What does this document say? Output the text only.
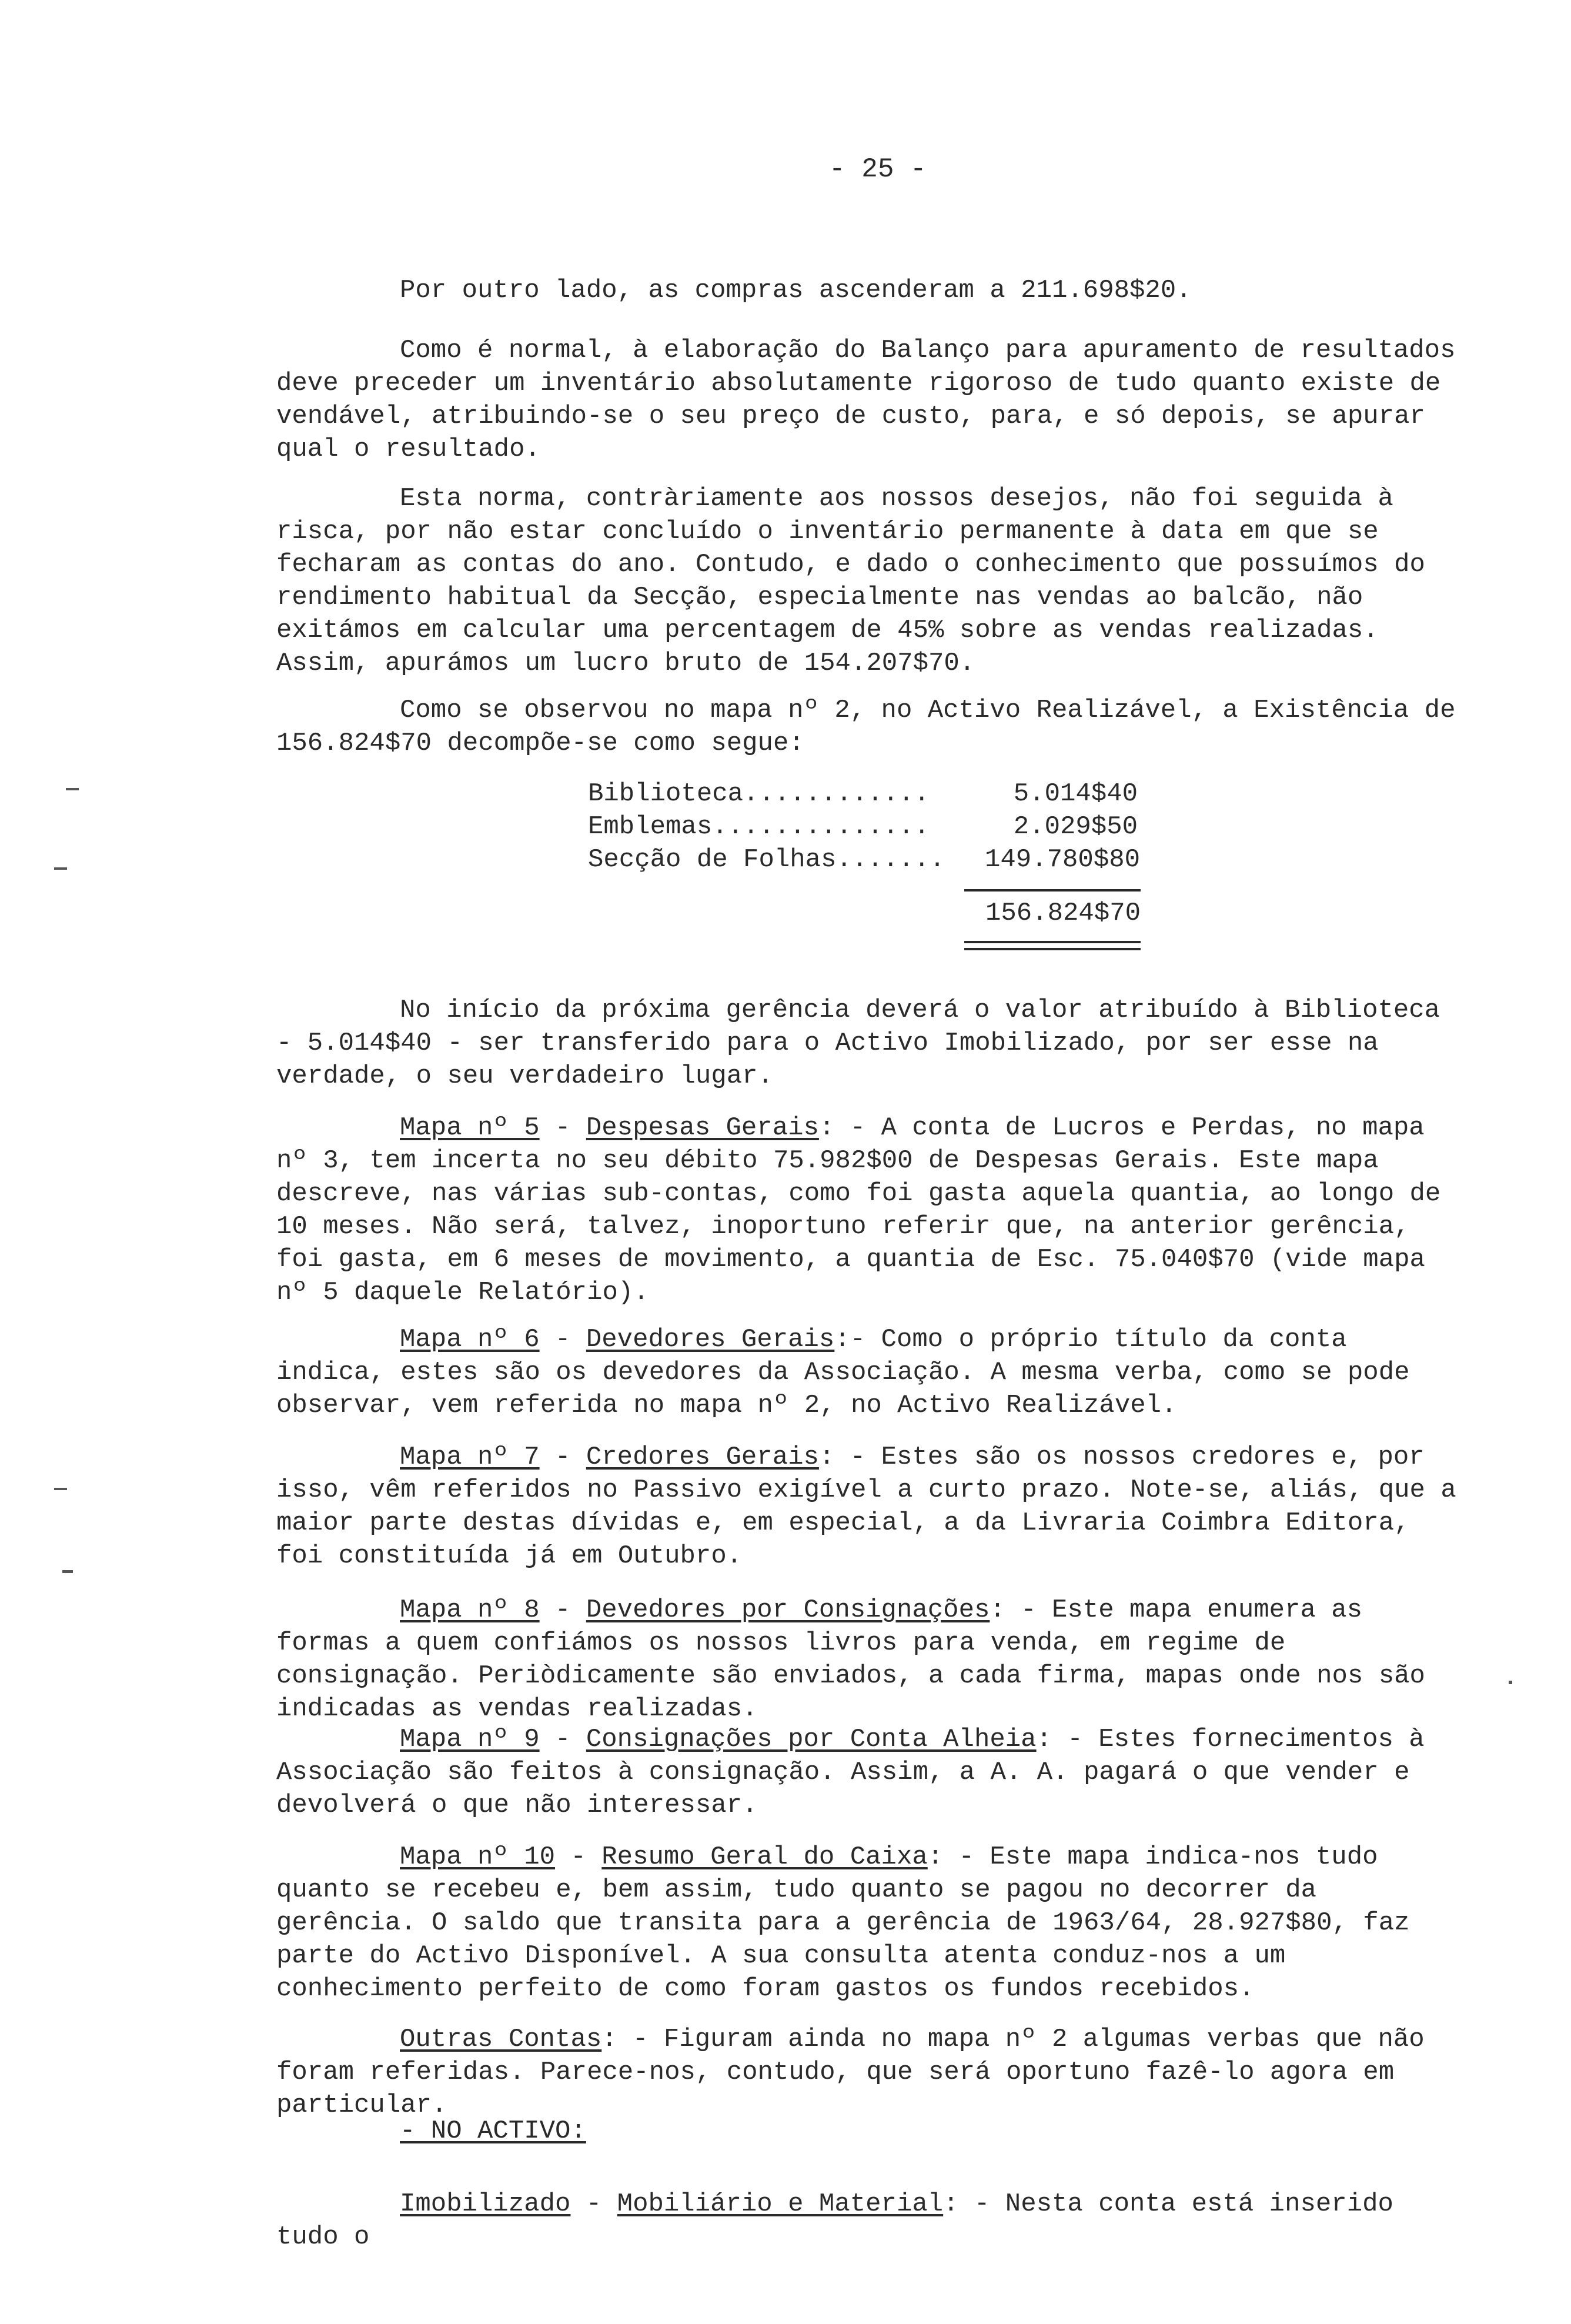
- 25 -
Por outro lado, as compras ascenderam a 211.698$20.
Como é normal, à elaboração do Balanço para apuramento de resultados deve preceder um inventário absolutamente rigoroso de tudo quanto existe de vendável, atribuindo-se o seu preço de custo, para, e só depois, se apurar qual o resultado.
Esta norma, contràriamente aos nossos desejos, não foi seguida à risca, por não estar concluído o inventário permanente à data em que se fecharam as contas do ano. Contudo, e dado o conhecimento que possuímos do rendimento habitual da Secção, especialmente nas vendas ao balcão, não exitámos em calcular uma percentagem de 45% sobre as vendas realizadas. Assim, apurámos um lucro bruto de 154.207$70.
Como se observou no mapa nº 2, no Activo Realizável, a Existência de 156.824$70 decompõe-se como segue:
Biblioteca............	5.014$40
Emblemas..............	2.029$50
Secção de Folhas....... 149.780$80
156.824$70
No início da próxima gerência deverá o valor atribuído à Biblioteca - 5.014$40 - ser transferido para o Activo Imobilizado, por ser esse na verdade, o seu verdadeiro lugar.
Mapa nº 5 - Despesas Gerais: - A conta de Lucros e Perdas, no mapa nº 3, tem incerta no seu débito 75.982$00 de Despesas Gerais. Este mapa descreve, nas várias sub-contas, como foi gasta aquela quantia, ao longo de 10 meses. Não será, talvez, inoportuno referir que, na anterior gerência, foi gasta, em 6 meses de movimento, a quantia de Esc. 75.040$70 (vide mapa nº 5 daquele Relatório).
Mapa nº 6 - Devedores Gerais:- Como o próprio título da conta indica, estes são os devedores da Associação. A mesma verba, como se pode observar, vem referida no mapa nº 2, no Activo Realizável.
Mapa nº 7 - Credores Gerais: - Estes são os nossos credores e, por isso, vêm referidos no Passivo exigível a curto prazo. Note-se, aliás, que a maior parte destas dívidas e, em especial, a da Livraria Coimbra Editora, foi constituída já em Outubro.
Mapa nº 8 - Devedores por Consignações: - Este mapa enumera as formas a quem confiámos os nossos livros para venda, em regime de consignação. Periòdicamente são enviados, a cada firma, mapas onde nos são indicadas as vendas realizadas.
Mapa nº 9 - Consignações por Conta Alheia: - Estes fornecimentos à Associação são feitos à consignação. Assim, a A. A. pagará o que vender e devolverá o que não interessar.
Mapa nº 10 - Resumo Geral do Caixa: - Este mapa indica-nos tudo quanto se recebeu e, bem assim, tudo quanto se pagou no decorrer da gerência. O saldo que transita para a gerência de 1963/64, 28.927$80, faz parte do Activo Disponível. A sua consulta atenta conduz-nos a um conhecimento perfeito de como foram gastos os fundos recebidos.
Outras Contas: - Figuram ainda no mapa nº 2 algumas verbas que não foram referidas. Parece-nos, contudo, que será oportuno fazê-lo agora em particular.
- NO ACTIVO:
Imobilizado - Mobiliário e Material: - Nesta conta está inserido tudo o
